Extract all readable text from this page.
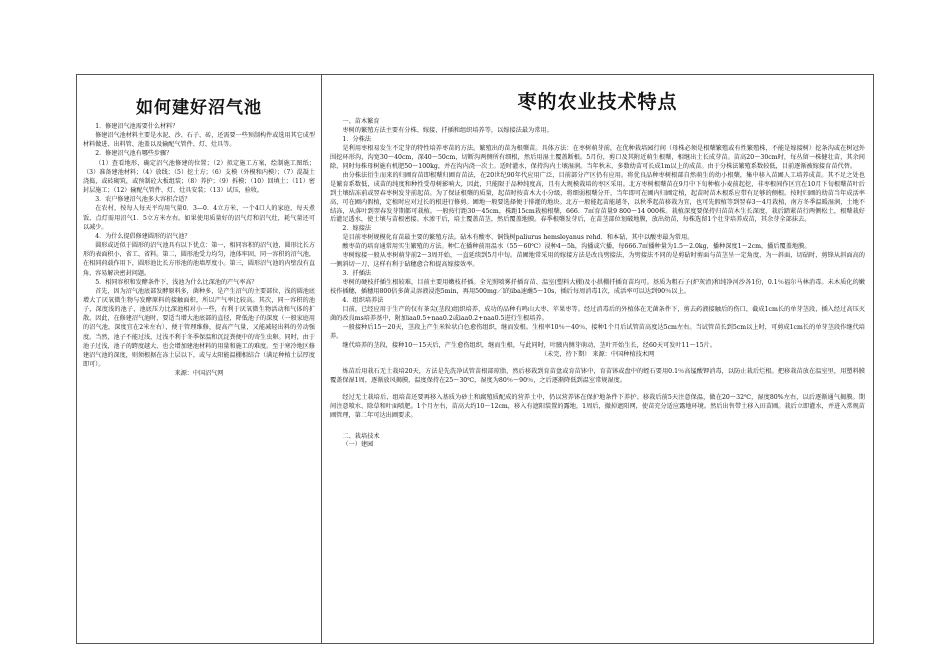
如何建好沼气池

1．修建沼气池需要什么材料？

修建沼气池材料主要是水泥、沙、石子、砖，还需要一些预制构件或选用其它成型材料做进、出料管、池盖以及输配气管件、灯、灶具等。

2．修建沼气池有哪些步骤？

（1）查看地形，确定沼气池修建的位置；（2）拟定施工方案，绘制施工图纸；（3）准备建池材料；（4）放线；（5）挖土方；（6）支模（外模和内模）；（7）混凝土浇捣，或砖砌筑，或预制砼大板组装；（8）养护；（9）拆模；（10）回填土；（11）密封层施工；（12）输配气管件、灯、灶具安装；（13）试压，验收。

3．农户修建沼气池多大容积合适？

在农村，按每人每天平均用气量0．3—0．4立方米，一个4口人的家庭，每天煮饭、点灯需用沼气1．5立方米左右。如果使用质量好的沼气灯和沼气灶，耗气量还可以减少。

4．为什么提倡修建圆形的沼气池？

圆形或近似于圆形的沼气池具有以下优点：第一，相同容积的沼气池，圆形比长方形的表面积小，省工、省料。第二，圆形池受力均匀，池体牢固，同一容积的沼气池，在相同荷载作用下，圆形池比长方形池的池墙厚度小。第三，圆形沼气池的内壁没有直角，容易解决密封问题。

5．相同容积和发酵条件下，浅池为什么比深池的产气率高？

首先，因为沼气池底部发酵原料多，菌种多，是产生沼气的主要部位，浅的圆池底增大了厌氧微生物与发酵原料的接触面积，所以产气率比较高。其次，同一容积的池子，深度浅的池子，池底压力比深池相对小一些，有利于厌氧微生物活动和气体的扩散。因此，在修建沼气池时，要适当增大池底部的直径，降低池子的深度（一般家庭用的沼气池，深度宜在2米左右），便于管理维修，提高产气量，又能减轻出料的劳动强度。当然，池子不能过浅，过浅不利于冬季保温和沉淀粪便中的寄生虫卵。同时，由于池子过浅，池子的跨度越大，也会增加建池材料的用量和施工的难度。至于寒冷地区修建沼气池的深度，则须根据在冻土层以下，或与太阳能温棚相结合（满足种植土层厚度即可）。

来源：中国沼气网

枣的农业技术特点

一、苗木繁育

枣树的繁殖方法主要有分株、嫁接、扦插和组织培养等，以嫁接法最为常用。

1．分株法

是利用枣根易发生不定芽的特性培养枣苗的方法。繁殖出的苗为根蘖苗。具体方法：在枣树萌芽前，在优种栽培园行间（母株必须是根蘖繁殖或有性繁殖株，不能是嫁接树）挖条沟或在树冠外围挖环形沟，沟宽30～40cm，深40～50cm，切断沟两侧所有细根，然后用湿土覆盖断根。5月份，剪口及其附近萌生根蘖，相继出土长成芽苗。苗高20～30cm时，每丛留一株健壮苗，其余间除，同时每株母树施有机肥50～100kg，并在沟内浇一次土。适时灌水，保持沟内土壤湿润。当年秋末，多数幼苗可长成1m以上的成苗。由于分株法繁殖系数较低，目前逐渐被嫁接育苗代替。

由分株法衍生而来的归圃育苗即根蘖归圃育苗法，在20世纪90年代应用广泛，目前部分产区仍有应用。将优良品种枣树根部自然萌生的幼小根蘖，集中移入苗圃人工培养成苗。其不足之处也是繁育系数低，成苗的纯度和种性受母树影响大，因此，只能限于品种纯度高，且有大规模栽培的枣区采用。北方枣树根蘖苗在9月中下旬种植小麦前起挖，非枣根间作区宜在10月下旬根蘖苗叶后到土壤结冻前或翌春枣树发芽前起苗。为了保证根蘖的质量，起苗时按苗木大小分级，将细弱根蘖分开，当年即可在圃内归圃定植，起苗时苗木根系应带有足够的侧根。按时归圃的幼苗当年成活率高，可在圃内假植，定植时应对过长的根进行修剪。圃地一般要选择便于排灌的地块。北方一般能起苗能越冬，以秋季起苗移栽为宜，也可先假植等到翌春3～4月栽植，南方冬季温暖湿润，土地不结冻，从落叶到翌春发芽期都可栽植。一般按行距30～45cm，株距15cm栽植根蘖，666．7㎡育苗量9 800～14 000株。栽植深度要保持归苗苗木生长深度，栽后踏紧苗行两侧松土，根蘖栽好后灌足透水，使土壤与苗根密接。水渗干后，培土覆盖苗茎，然后覆盖地膜。春季根蘖发芽后，在苗茎部位划破地膜，放出幼苗，每株选留1个壮芽培养成苗，其余芽全部抹去。

2．嫁接法

是目前枣树规模化育苗最主要的繁殖方法。砧木有酸枣、铜钱树paliurus hemsleyanus rehd．和本砧，其中以酸枣最为常用。

酸枣苗的培育通常用实生繁殖的方法。种仁在播种前用温水（55～60℃）浸种4～5h，沟播或穴播，每666.7㎡播种量为1.5～2.0kg，播种深度1～2cm，播后覆盖地膜。

枣树嫁接一般从枣树萌芽前2～3周开始，一直延续到5月中旬。苗圃地常采用的嫁接方法是改良劈接法，为劈接法不同的是剪砧时剪面与苗茎呈一定角度，为一斜面，切砧时，剪锋从斜面高的一侧斜切一刀，这样有利于砧穗愈合和提高嫁接效率。

3．扦插法

枣树的硬枝扦插生根较难，目前主要用嫩枝扦插。全光照喷雾扦插育苗、温室(塑料大棚)及小拱棚扦插育苗均可。基质为粗石子(炉灰渣)和纯净河沙各1份，0.1％福尔马林消毒。未木质化的嫩枝作插穗，插穗用800倍多菌灵溶液浸泡5min，再用500mg／l的iba速蘸5～10s，插后每周消毒1次，成活率可以达到90％以上。

4．组织培养法

目前，已经应用于生产的仅有茶尖(茎段)组织培养，成功的品种有鸣山大枣、苹果枣等。经过消毒后的外植体在无菌条件下，剪去药液接触后的伤口，截成1cm长的单芽茎段，插入经过高压灭菌的改良ms培养基中，附加iaa0.5+naa0.2或iaa0.2+naa0.5进行生根培养。

一般接种后15～20天，茎段上产生米粒状白色愈伤组织，继而发根。生根率10％～40％，接种1个月后试管苗高度达5cm左右。当试管苗长到5cm以上时，可剪成1cm长的单芽茎段作继代培养。

继代培养的茎段，接种10～15天后，产生愈伤组织，继而生根，与此同时，叶腋内侧芽萌动，茎叶开始生长，经60天可发叶11～15片。

（未完，待下期） 来源：中国种植技术网

炼苗后用栽石无土栽培20天，方法是先洗净试管苗根部琼脂，然后移栽到育苗盘或育苗钵中，育苗钵或盘中的蛭石要用0.1％高锰酸钾消毒，以防止栽后烂根。把移栽苗放在温室里，用塑料膜覆盖保湿1周，逐渐放风揭膜，温度保持在25～30℃，湿度为80％～90％，之后逐渐降低到温室常规湿度。

经过无土栽培后，组培苗还要再移入基质为砂土和腐殖质配成的营养土中，仍以营养钵在保护地条件下养护。移栽后前5天注意保温，做在20～32℃，湿度80%左右，以后逐渐通气揭膜。期间注意喷水、除草和叶面喷肥。1个月左右，苗高大约10～12cm，移入有遮阳装置的露地，1周后，撤掉遮阳网，使苗充分适应露地环境。然后出售带土移入田苗圃。栽后立即灌水，并进入常规苗圃管理，第二年可达出圃要求。

二、栽培技术

（一）建园
